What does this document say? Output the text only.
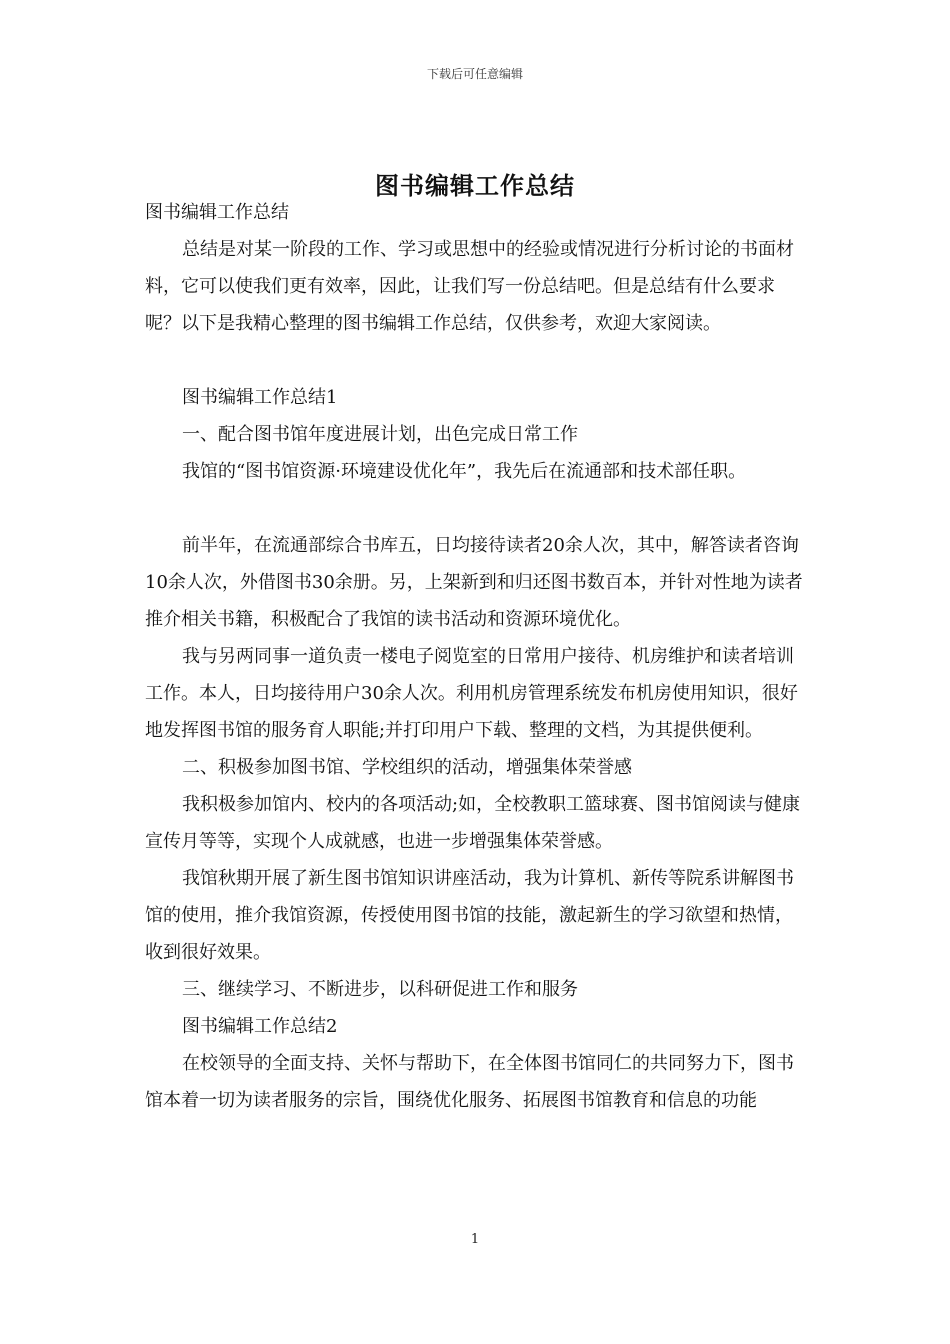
下载后可任意编辑
图书编辑工作总结

图书编辑工作总结

总结是对某一阶段的工作、学习或思想中的经验或情况进行分析讨论的书面材料，它可以使我们更有效率，因此，让我们写一份总结吧。但是总结有什么要求呢？以下是我精心整理的图书编辑工作总结，仅供参考，欢迎大家阅读。

图书编辑工作总结1

一、配合图书馆年度进展计划，出色完成日常工作

我馆的“图书馆资源·环境建设优化年”，我先后在流通部和技术部任职。

前半年，在流通部综合书库五，日均接待读者20余人次，其中，解答读者咨询10余人次，外借图书30余册。另，上架新到和归还图书数百本，并针对性地为读者推介相关书籍，积极配合了我馆的读书活动和资源环境优化。

我与另两同事一道负责一楼电子阅览室的日常用户接待、机房维护和读者培训工作。本人，日均接待用户30余人次。利用机房管理系统发布机房使用知识，很好地发挥图书馆的服务育人职能;并打印用户下载、整理的文档，为其提供便利。

二、积极参加图书馆、学校组织的活动，增强集体荣誉感

我积极参加馆内、校内的各项活动;如，全校教职工篮球赛、图书馆阅读与健康宣传月等等，实现个人成就感，也进一步增强集体荣誉感。

我馆秋期开展了新生图书馆知识讲座活动，我为计算机、新传等院系讲解图书馆的使用，推介我馆资源，传授使用图书馆的技能，激起新生的学习欲望和热情，收到很好效果。

三、继续学习、不断进步，以科研促进工作和服务

图书编辑工作总结2

在校领导的全面支持、关怀与帮助下，在全体图书馆同仁的共同努力下，图书馆本着一切为读者服务的宗旨，围绕优化服务、拓展图书馆教育和信息的功能

1
